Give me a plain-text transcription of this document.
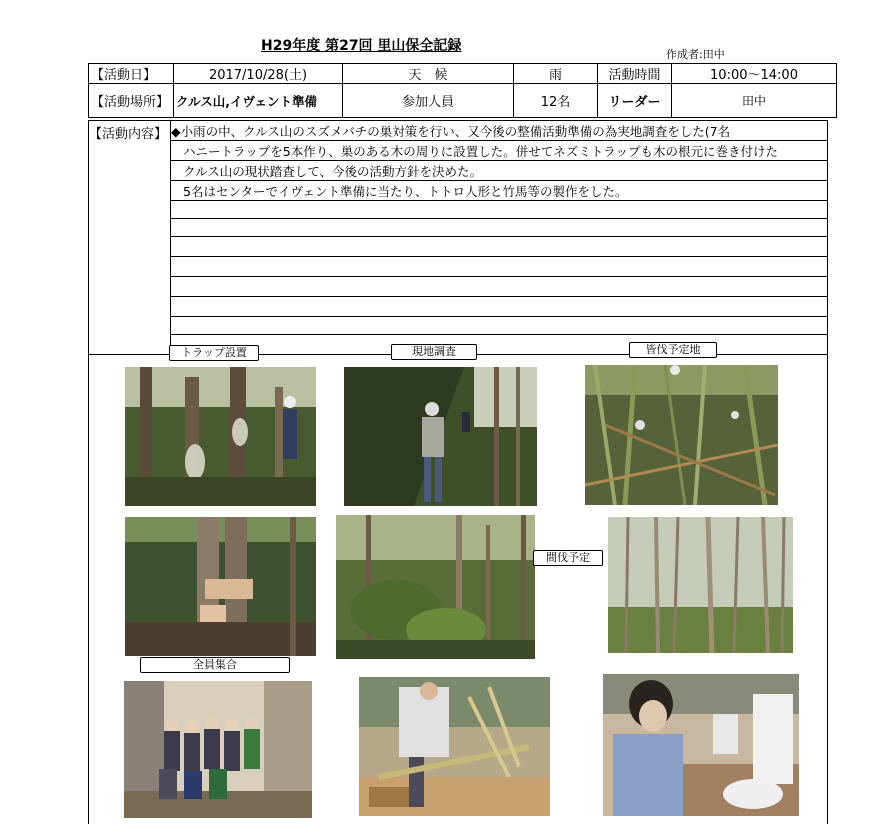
H29年度 第27回 里山保全記録
作成者:田中
【活動日】	2017/10/28(土)	天　候	雨	活動時間	10:00〜14:00
【活動場所】	クルス山,イヴェント準備	参加人員	12名	リーダー	田中
【活動内容】 ◆小雨の中、クルス山のスズメバチの巣対策を行い、又今後の整備活動準備の為実地調査をした(7名
ハニートラップを5本作り、巣のある木の周りに設置した。併せてネズミトラップも木の根元に巻き付けた
クルス山の現状踏査して、今後の活動方針を決めた。
5名はセンターでイヴェント準備に当たり、トトロ人形と竹馬等の製作をした。
トラップ設置	現地調査	皆伐予定地
間伐予定
全員集合
